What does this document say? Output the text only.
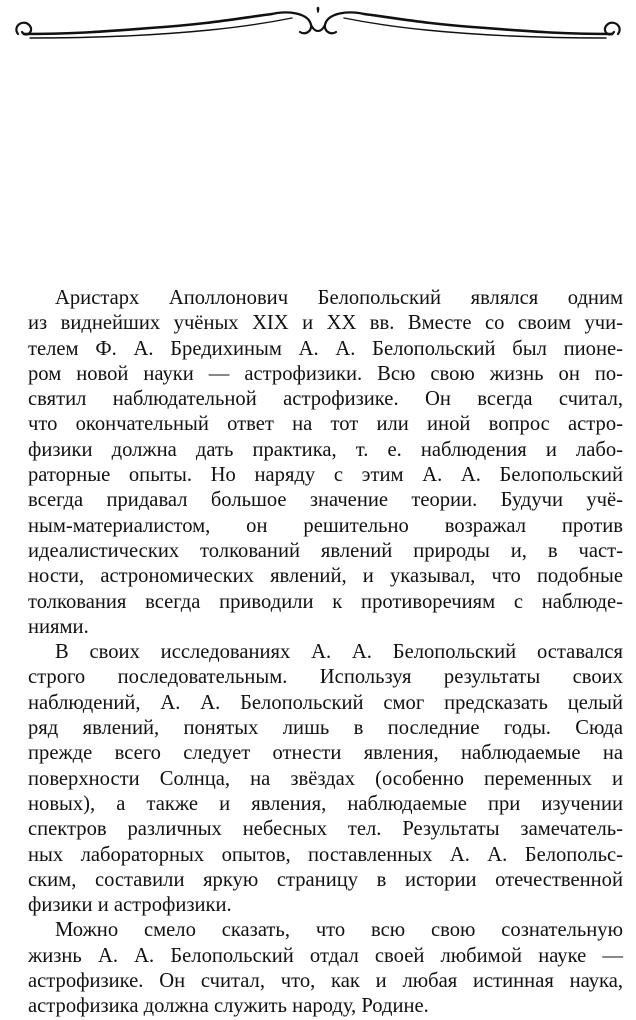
Аристарх Аполлонович Белопольский являлся одним
из виднейших учёных XIX и XX вв. Вместе со своим учи-
телем Ф. А. Бредихиным А. А. Белопольский был пионе-
ром новой науки — астрофизики. Всю свою жизнь он по-
святил наблюдательной астрофизике. Он всегда считал,
что окончательный ответ на тот или иной вопрос астро-
физики должна дать практика, т. е. наблюдения и лабо-
раторные опыты. Но наряду с этим А. А. Белопольский
всегда придавал большое значение теории. Будучи учё-
ным-материалистом, он решительно возражал против
идеалистических толкований явлений природы и, в част-
ности, астрономических явлений, и указывал, что подобные
толкования всегда приводили к противоречиям с наблюде-
ниями.
В своих исследованиях А. А. Белопольский оставался
строго последовательным. Используя результаты своих
наблюдений, А. А. Белопольский смог предсказать целый
ряд явлений, понятых лишь в последние годы. Сюда
прежде всего следует отнести явления, наблюдаемые на
поверхности Солнца, на звёздах (особенно переменных и
новых), а также и явления, наблюдаемые при изучении
спектров различных небесных тел. Результаты замечатель-
ных лабораторных опытов, поставленных А. А. Белопольс-
ским, составили яркую страницу в истории отечественной
физики и астрофизики.
Можно смело сказать, что всю свою сознательную
жизнь А. А. Белопольский отдал своей любимой науке —
астрофизике. Он считал, что, как и любая истинная наука,
астрофизика должна служить народу, Родине.
